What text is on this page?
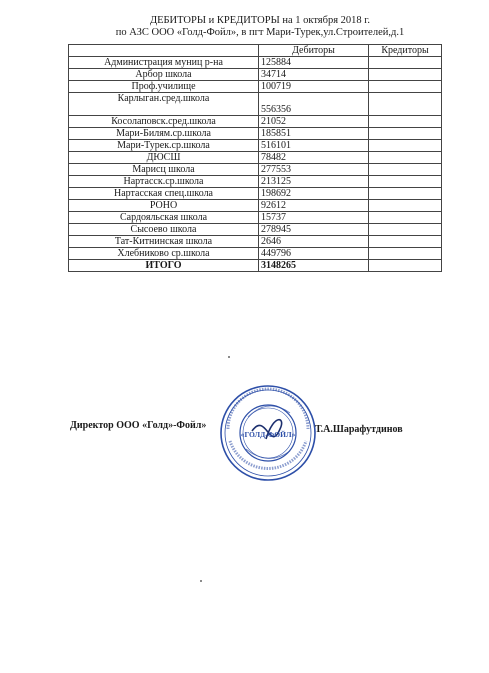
ДЕБИТОРЫ и КРЕДИТОРЫ на 1 октября 2018 г.
по АЗС ООО «Голд-Фойл», в пгт Мари-Турек,ул.Строителей,д.1
	Дебиторы	Кредиторы
Администрация муниц р-на	125884	
Арбор школа	34714	
Проф.училище	100719	
Карлыган.сред.школа	556356	
Косолаповск.сред.школа	21052	
Мари-Билям.ср.школа	185851	
Мари-Турек.ср.школа	516101	
ДЮСШ	78482	
Марисц школа	277553	
Нартасск.ср.школа	213125	
Нартасская спец.школа	198692	
РОНО	92612	
Сардояльская школа	15737	
Сысоево школа	278945	
Тат-Китнинская школа	2646	
Хлебниково ср.школа	449796	
ИТОГО	3148265	
Директор ООО «Голд»-Фойл»
«ГОЛД-ФОЙЛ» Т.А.Шарафутдинов
